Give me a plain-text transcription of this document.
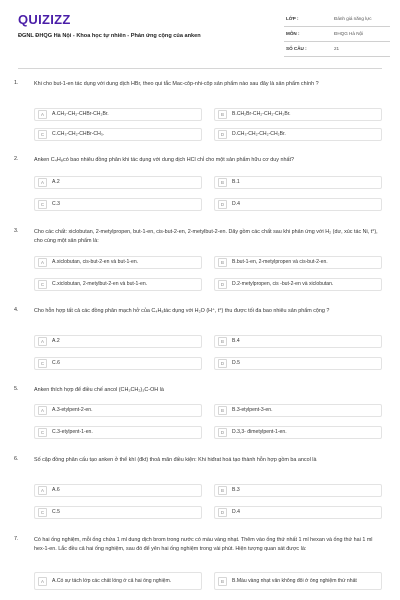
QUIZIZZ
ĐGNL ĐHQG Hà Nội - Khoa học tự nhiên - Phản ứng cộng của anken
LỚP :	Đánh giá năng lực
MÔN :	ĐHQG Hà Nội
SỐ CÂU :	21
1.	Khi cho but-1-en tác dụng với dung dịch HBr, theo qui tắc Mac-côp-nhi-côp sản phẩm nào sau đây là sản phẩm chính ?
A	A.CH₃-CH₂-CHBr-CH₂Br.	B	B.CH₂Br-CH₂-CH₂-CH₂Br.
C	C.CH₃-CH₂-CHBr-CH₃.	D	D.CH₃-CH₂-CH₂-CH₂Br.
2.	Anken C₄H₈có bao nhiêu đồng phân khi tác dụng với dung dịch HCl chỉ cho một sản phẩm hữu cơ duy nhất?
A	A.2	B	B.1
C	C.3	D	D.4
3.	Cho các chất: xiclobutan, 2-metylpropen, but-1-en, cis-but-2-en, 2-metylbut-2-en. Dãy gồm các chất sau khi phản ứng với H₂ (dư, xúc tác Ni, t°), cho cùng một sản phẩm là:
A	A.xiclobutan, cis-but-2-en và but-1-en.	B	B.but-1-en, 2-metylpropen và cis-but-2-en.
C	C.xiclobutan, 2-metylbut-2-en và but-1-en.	D	D.2-metylpropen, cis -but-2-en và xiclobutan.
4.	Cho hỗn hợp tất cả các đồng phân mạch hở của C₄H₈tác dụng với H₂O (H⁺, t°) thu được tối đa bao nhiêu sản phẩm cộng ?
A	A.2	B	B.4
C	C.6	D	D.5
5.	Anken thích hợp để điều chế ancol (CH₃CH₂)₃C-OH là
A	A.3-etylpent-2-en.	B	B.3-etylpent-3-en.
C	C.3-etylpent-1-en.	D	D.3,3- đimetylpent-1-en.
6.	Số cặp đồng phân cấu tạo anken ở thể khí (đkt) thoả mãn điều kiện: Khi hiđrat hoá tạo thành hỗn hợp gồm ba ancol là
A	A.6	B	B.3
C	C.5	D	D.4
7.	Có hai ống nghiệm, mỗi ống chứa 1 ml dung dịch brom trong nước có màu vàng nhạt. Thêm vào ống thứ nhất 1 ml hexan và ống thứ hai 1 ml hex-1-en. Lắc đều cả hai ống nghiệm, sau đó để yên hai ống nghiệm trong vài phút. Hiện tượng quan sát được là:
A	A.Có sự tách lớp các chất lỏng ở cả hai ống nghiệm.	B	B.Màu vàng nhạt vẫn không đổi ở ống nghiệm thứ nhất
